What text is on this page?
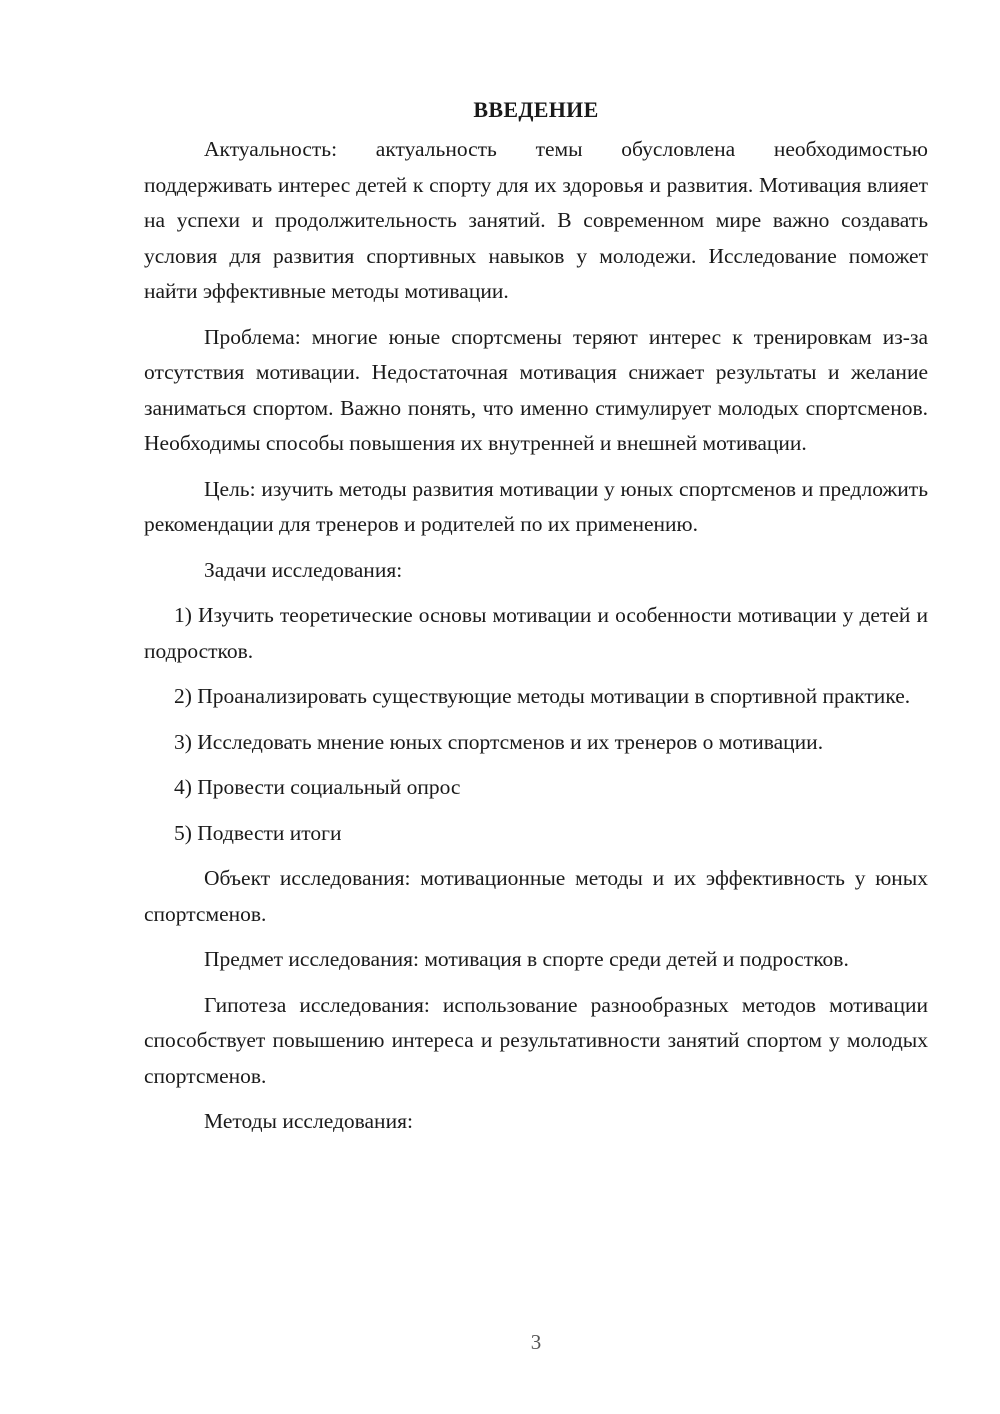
ВВЕДЕНИЕ

Актуальность: актуальность темы обусловлена необходимостью поддерживать интерес детей к спорту для их здоровья и развития. Мотивация влияет на успехи и продолжительность занятий. В современном мире важно создавать условия для развития спортивных навыков у молодежи. Исследование поможет найти эффективные методы мотивации.

Проблема: многие юные спортсмены теряют интерес к тренировкам из-за отсутствия мотивации. Недостаточная мотивация снижает результаты и желание заниматься спортом. Важно понять, что именно стимулирует молодых спортсменов. Необходимы способы повышения их внутренней и внешней мотивации.

Цель: изучить методы развития мотивации у юных спортсменов и предложить рекомендации для тренеров и родителей по их применению.

Задачи исследования:

1) Изучить теоретические основы мотивации и особенности мотивации у детей и подростков.

2) Проанализировать существующие методы мотивации в спортивной практике.

3) Исследовать мнение юных спортсменов и их тренеров о мотивации.

4) Провести социальный опрос

5) Подвести итоги

Объект исследования: мотивационные методы и их эффективность у юных спортсменов.

Предмет исследования: мотивация в спорте среди детей и подростков.

Гипотеза исследования: использование разнообразных методов мотивации способствует повышению интереса и результативности занятий спортом у молодых спортсменов.

Методы исследования:

3
